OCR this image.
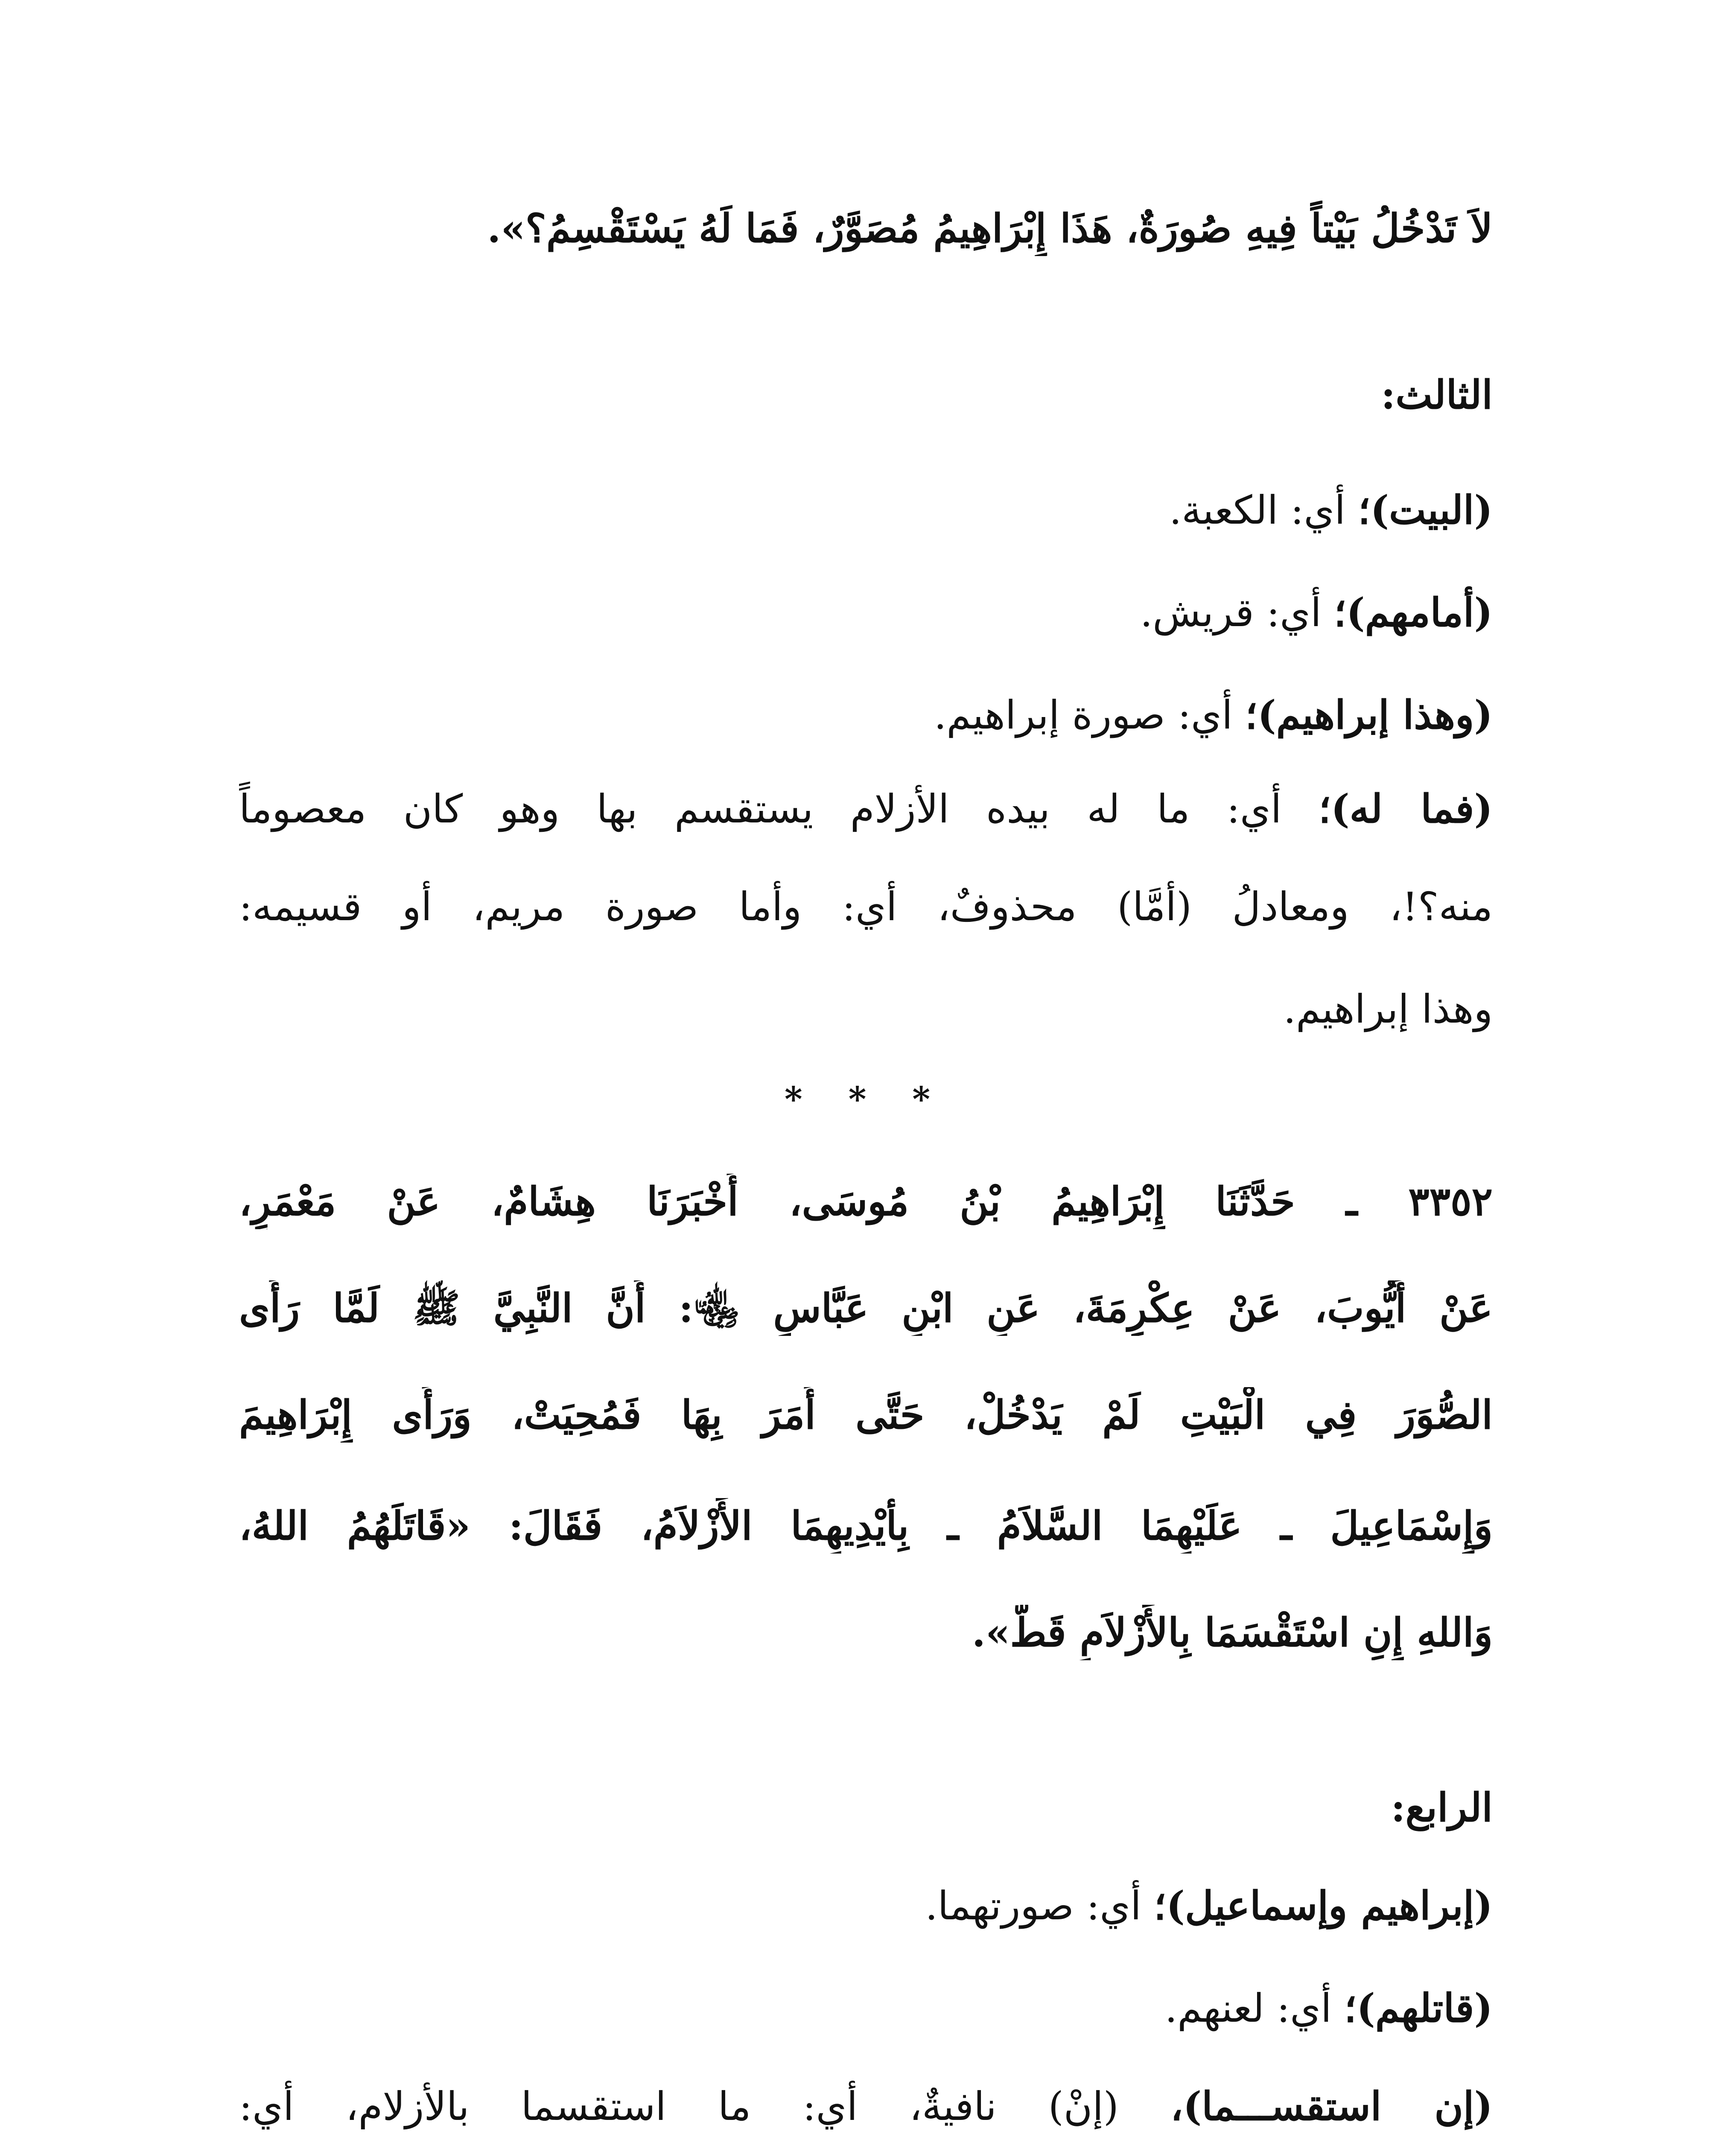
لاَ تَدْخُلُ بَيْتاً فِيهِ صُورَةٌ، هَذَا إِبْرَاهِيمُ مُصَوَّرٌ، فَمَا لَهُ يَسْتَقْسِمُ؟».
الثالث:
(البيت)؛ أي: الكعبة.
(أمامهم)؛ أي: قريش.
(وهذا إبراهيم)؛ أي: صورة إبراهيم.
(فما له)؛ أي: ما له بيده الأزلام يستقسم بها وهو كان معصوماً
منه؟!، ومعادلُ (أمَّا) محذوفٌ، أي: وأما صورة مريم، أو قسيمه:
وهذا إبراهيم.
* * *
٣٣٥٢ ـ حَدَّثَنَا إِبْرَاهِيمُ بْنُ مُوسَى، أَخْبَرَنَا هِشَامٌ، عَنْ مَعْمَرٍ،
عَنْ أَيُّوبَ، عَنْ عِكْرِمَةَ، عَنِ ابْنِ عَبَّاسٍ ﵄: أَنَّ النَّبِيَّ ﷺ لَمَّا رَأَى
الصُّوَرَ فِي الْبَيْتِ لَمْ يَدْخُلْ، حَتَّى أَمَرَ بِهَا فَمُحِيَتْ، وَرَأَى إِبْرَاهِيمَ
وَإِسْمَاعِيلَ ـ عَلَيْهِمَا السَّلاَمُ ـ بِأَيْدِيهِمَا الأَزْلاَمُ، فَقَالَ: «قَاتَلَهُمُ اللهُ،
وَاللهِ إِنِ اسْتَقْسَمَا بِالأَزْلاَمِ قَطُّ».
الرابع:
(إبراهيم وإسماعيل)؛ أي: صورتهما.
(قاتلهم)؛ أي: لعنهم.
(إن استقســـما)، (إنْ) نافيةٌ، أي: ما استقسما بالأزلام، أي:
